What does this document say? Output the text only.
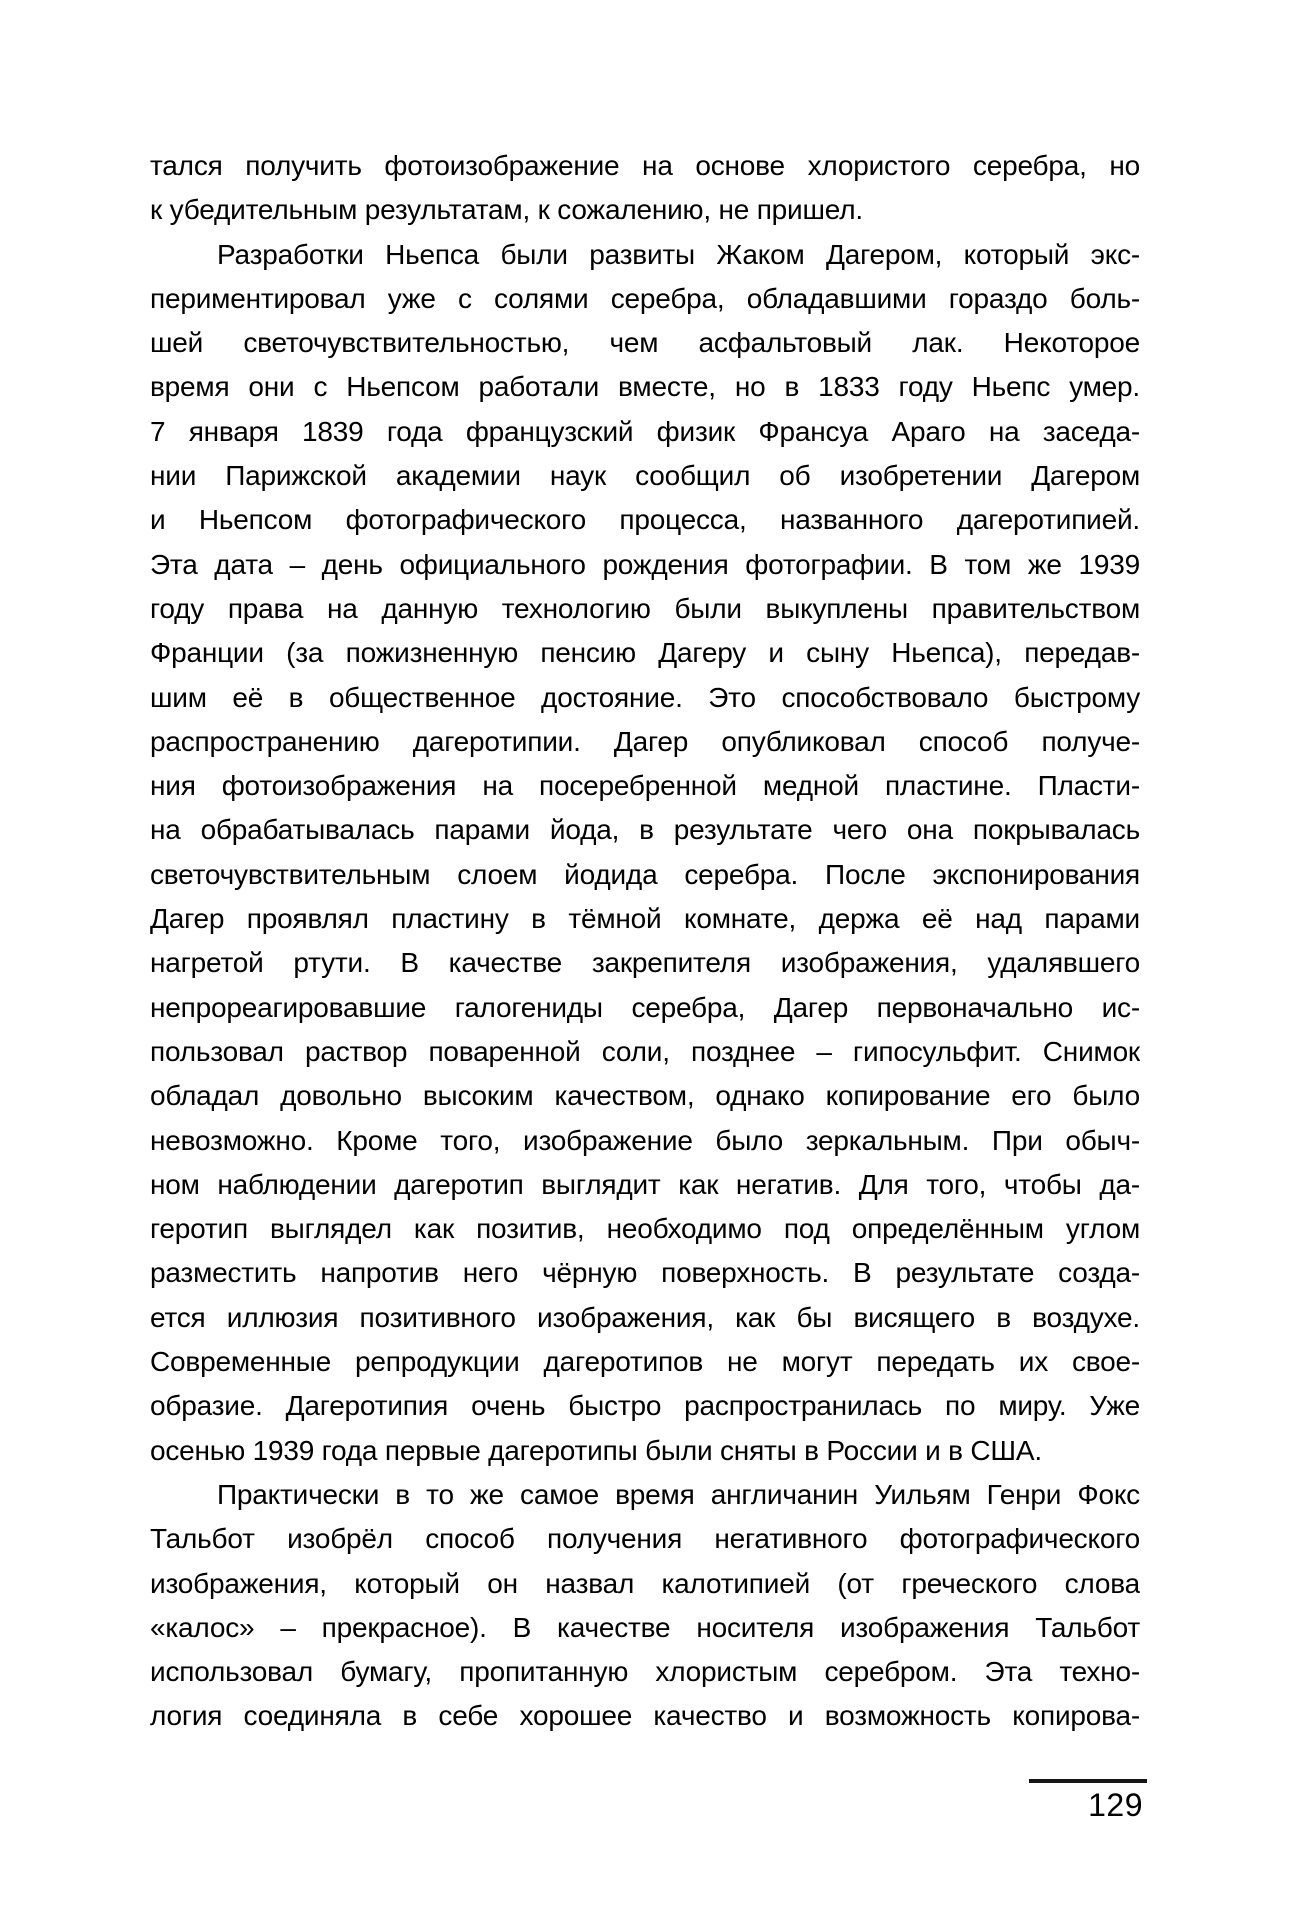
тался получить фотоизображение на основе хлористого серебра, но
к убедительным результатам, к сожалению, не пришел.
Разработки Ньепса были развиты Жаком Дагером, который экс-
периментировал уже с солями серебра, обладавшими гораздо боль-
шей светочувствительностью, чем асфальтовый лак. Некоторое
время они с Ньепсом работали вместе, но в 1833 году Ньепс умер.
7 января 1839 года французский физик Франсуа Араго на заседа-
нии Парижской академии наук сообщил об изобретении Дагером
и Ньепсом фотографического процесса, названного дагеротипией.
Эта дата – день официального рождения фотографии. В том же 1939
году права на данную технологию были выкуплены правительством
Франции (за пожизненную пенсию Дагеру и сыну Ньепса), передав-
шим её в общественное достояние. Это способствовало быстрому
распространению дагеротипии. Дагер опубликовал способ получе-
ния фотоизображения на посеребренной медной пластине. Пласти-
на обрабатывалась парами йода, в результате чего она покрывалась
светочувствительным слоем йодида серебра. После экспонирования
Дагер проявлял пластину в тёмной комнате, держа её над парами
нагретой ртути. В качестве закрепителя изображения, удалявшего
непрореагировавшие галогениды серебра, Дагер первоначально ис-
пользовал раствор поваренной соли, позднее – гипосульфит. Снимок
обладал довольно высоким качеством, однако копирование его было
невозможно. Кроме того, изображение было зеркальным. При обыч-
ном наблюдении дагеротип выглядит как негатив. Для того, чтобы да-
геротип выглядел как позитив, необходимо под определённым углом
разместить напротив него чёрную поверхность. В результате созда-
ется иллюзия позитивного изображения, как бы висящего в воздухе.
Современные репродукции дагеротипов не могут передать их свое-
образие. Дагеротипия очень быстро распространилась по миру. Уже
осенью 1939 года первые дагеротипы были сняты в России и в США.
Практически в то же самое время англичанин Уильям Генри Фокс
Тальбот изобрёл способ получения негативного фотографического
изображения, который он назвал калотипией (от греческого слова
«калос» – прекрасное). В качестве носителя изображения Тальбот
использовал бумагу, пропитанную хлористым серебром. Эта техно-
логия соединяла в себе хорошее качество и возможность копирова-
129
